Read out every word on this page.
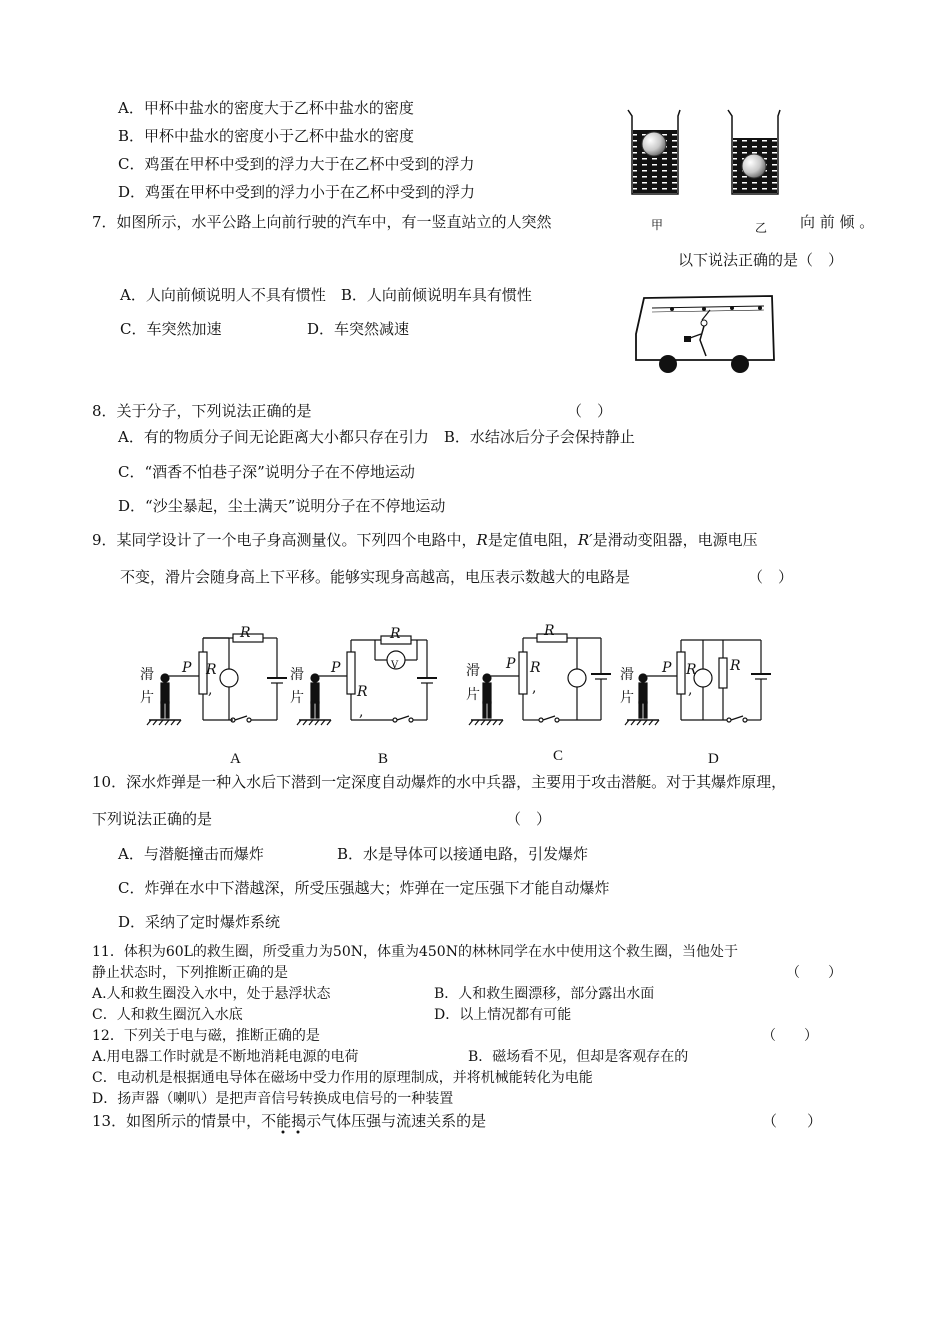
A．甲杯中盐水的密度大于乙杯中盐水的密度
B．甲杯中盐水的密度小于乙杯中盐水的密度
C．鸡蛋在甲杯中受到的浮力大于在乙杯中受到的浮力
D．鸡蛋在甲杯中受到的浮力小于在乙杯中受到的浮力
甲	乙
7．如图所示，水平公路上向前行驶的汽车中，有一竖直站立的人突然	向 前 倾 。
以下说法正确的是（　）
A．人向前倾说明人不具有惯性　B．人向前倾说明车具有惯性
C．车突然加速	D．车突然减速
8．关于分子，下列说法正确的是	（　）
A．有的物质分子间无论距离大小都只存在引力　B．水结冰后分子会保持静止
C．“酒香不怕巷子深”说明分子在不停地运动
D．“沙尘暴起，尘土满天”说明分子在不停地运动
9．某同学设计了一个电子身高测量仪。下列四个电路中，R是定值电阻，R′是滑动变阻器，电源电压
不变，滑片会随身高上下平移。能够实现身高越高，电压表示数越大的电路是	（　）
滑
片
P
R
R
,
滑
片
P
R
R
,
V	滑
片
P
R
R
,
滑
片
P	R
R
,
A	B	C	D
10．深水炸弹是一种入水后下潜到一定深度自动爆炸的水中兵器，主要用于攻击潜艇。对于其爆炸原理，
下列说法正确的是	（　）
A．与潜艇撞击而爆炸	B．水是导体可以接通电路，引发爆炸
C．炸弹在水中下潜越深，所受压强越大；炸弹在一定压强下才能自动爆炸
D．采纳了定时爆炸系统
11．体积为60L的救生圈，所受重力为50N，体重为450N的林林同学在水中使用这个救生圈，当他处于
静止状态时，下列推断正确的是	（　　）
A.人和救生圈没入水中，处于悬浮状态	B．人和救生圈漂移，部分露出水面
C．人和救生圈沉入水底	D．以上情况都有可能
12．下列关于电与磁，推断正确的是	（　　）
A.用电器工作时就是不断地消耗电源的电荷	B．磁场看不见，但却是客观存在的
C．电动机是根据通电导体在磁场中受力作用的原理制成，并将机械能转化为电能
D．扬声器（喇叭）是把声音信号转换成电信号的一种装置
13．如图所示的情景中，不能揭示气体压强与流速关系的是	（　　）
